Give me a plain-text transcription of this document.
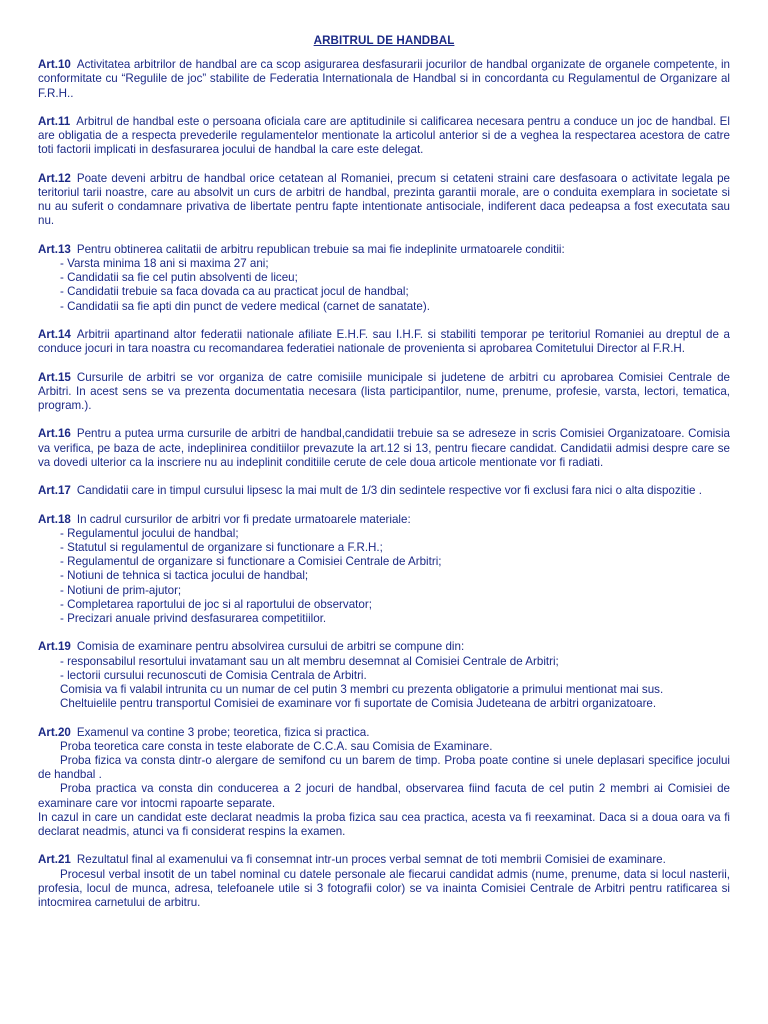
ARBITRUL DE HANDBAL

Art.10 Activitatea arbitrilor de handbal are ca scop asigurarea desfasurarii jocurilor de handbal organizate de organele competente, in conformitate cu “Regulile de joc” stabilite de Federatia Internationala de Handbal si in concordanta cu Regulamentul de Organizare al F.R.H..

Art.11 Arbitrul de handbal este o persoana oficiala care are aptitudinile si calificarea necesara pentru a conduce un joc de handbal. El are obligatia de a respecta prevederile regulamentelor mentionate la articolul anterior si de a veghea la respectarea acestora de catre toti factorii implicati in desfasurarea jocului de handbal la care este delegat.

Art.12 Poate deveni arbitru de handbal orice cetatean al Romaniei, precum si cetateni straini care desfasoara o activitate legala pe teritoriul tarii noastre, care au absolvit un curs de arbitri de handbal, prezinta garantii morale, are o conduita exemplara in societate si nu au suferit o condamnare privativa de libertate pentru fapte intentionate antisociale, indiferent daca pedeapsa a fost executata sau nu.

Art.13 Pentru obtinerea calitatii de arbitru republican trebuie sa mai fie indeplinite urmatoarele conditii:

- Varsta minima 18 ani si maxima 27 ani;
- Candidatii sa fie cel putin absolventi de liceu;
- Candidatii trebuie sa faca dovada ca au practicat jocul de handbal;
- Candidatii sa fie apti din punct de vedere medical (carnet de sanatate).

Art.14 Arbitrii apartinand altor federatii nationale afiliate E.H.F. sau I.H.F. si stabiliti temporar pe teritoriul Romaniei au dreptul de a conduce jocuri in tara noastra cu recomandarea federatiei nationale de provenienta si aprobarea Comitetului Director al F.R.H.

Art.15 Cursurile de arbitri se vor organiza de catre comisiile municipale si judetene de arbitri cu aprobarea Comisiei Centrale de Arbitri. In acest sens se va prezenta documentatia necesara (lista participantilor, nume, prenume, profesie, varsta, lectori, tematica, program.).

Art.16 Pentru a putea urma cursurile de arbitri de handbal,candidatii trebuie sa se adreseze in scris Comisiei Organizatoare. Comisia va verifica, pe baza de acte, indeplinirea conditiilor prevazute la art.12 si 13, pentru fiecare candidat. Candidatii admisi despre care se va dovedi ulterior ca la inscriere nu au indeplinit conditiile cerute de cele doua articole mentionate vor fi radiati.

Art.17 Candidatii care in timpul cursului lipsesc la mai mult de 1/3 din sedintele respective vor fi exclusi fara nici o alta dispozitie .

Art.18 In cadrul cursurilor de arbitri vor fi predate urmatoarele materiale:

- Regulamentul jocului de handbal;
- Statutul si regulamentul de organizare si functionare a F.R.H.;
- Regulamentul de organizare si functionare a Comisiei Centrale de Arbitri;
- Notiuni de tehnica si tactica jocului de handbal;
- Notiuni de prim-ajutor;
- Completarea raportului de joc si al raportului de observator;
- Precizari anuale privind desfasurarea competitiilor.

Art.19 Comisia de examinare pentru absolvirea cursului de arbitri se compune din:

- responsabilul resortului invatamant sau un alt membru desemnat al Comisiei Centrale de Arbitri;
- lectorii cursului recunoscuti de Comisia Centrala de Arbitri.

Comisia va fi valabil intrunita cu un numar de cel putin 3 membri cu prezenta obligatorie a primului mentionat mai sus.

Cheltuielile pentru transportul Comisiei de examinare vor fi suportate de Comisia Judeteana de arbitri organizatoare.

Art.20 Examenul va contine 3 probe; teoretica, fizica si practica.

Proba teoretica care consta in teste elaborate de C.C.A. sau Comisia de Examinare.

Proba fizica va consta dintr-o alergare de semifond cu un barem de timp. Proba poate contine si unele deplasari specifice jocului de handbal .

Proba practica va consta din conducerea a 2 jocuri de handbal, observarea fiind facuta de cel putin 2 membri ai Comisiei de examinare care vor intocmi rapoarte separate.

In cazul in care un candidat este declarat neadmis la proba fizica sau cea practica, acesta va fi reexaminat. Daca si a doua oara va fi declarat neadmis, atunci va fi considerat respins la examen.

Art.21 Rezultatul final al examenului va fi consemnat intr-un proces verbal semnat de toti membrii Comisiei de examinare.

Procesul verbal insotit de un tabel nominal cu datele personale ale fiecarui candidat admis (nume, prenume, data si locul nasterii, profesia, locul de munca, adresa, telefoanele utile si 3 fotografii color) se va inainta Comisiei Centrale de Arbitri pentru ratificarea si intocmirea carnetului de arbitru.
